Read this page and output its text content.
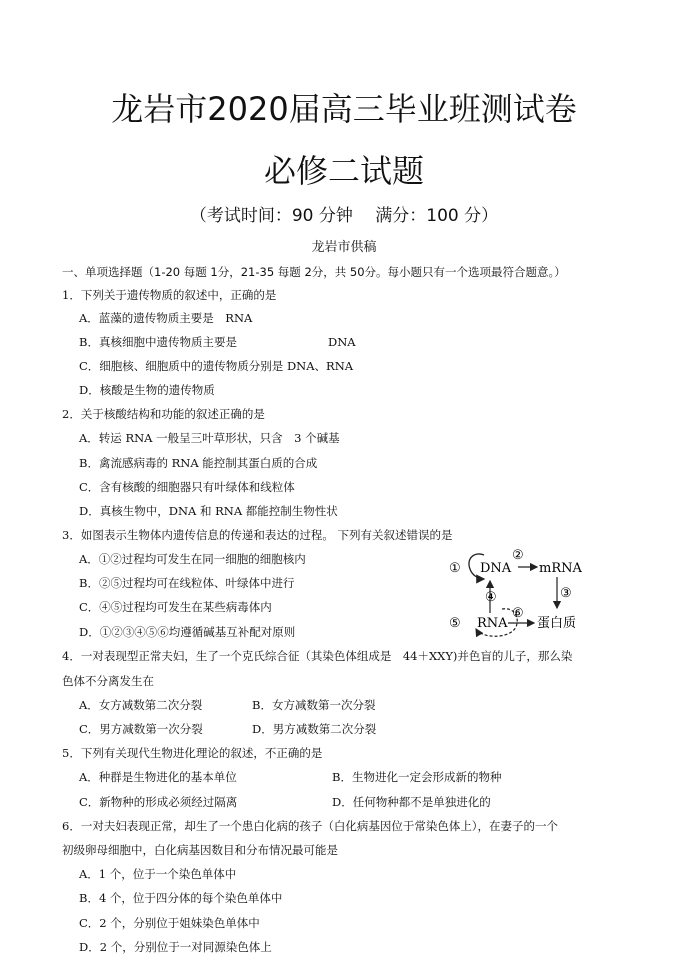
龙岩市2020届高三毕业班测试卷
必修二试题
（考试时间：90 分钟　 满分：100 分）
龙岩市供稿
一、单项选择题（1-20 每题 1分，21-35 每题 2分，共 50分。每小题只有一个选项最符合题意。）
1．下列关于遗传物质的叙述中，正确的是
A．蓝藻的遗传物质主要是　RNA
B．真核细胞中遗传物质主要是	DNA
C．细胞核、细胞质中的遗传物质分别是 DNA、RNA
D．核酸是生物的遗传物质
2．关于核酸结构和功能的叙述正确的是
A．转运 RNA 一般呈三叶草形状，只含　3 个碱基
B．禽流感病毒的 RNA 能控制其蛋白质的合成
C．含有核酸的细胞器只有叶绿体和线粒体
D．真核生物中，DNA 和 RNA 都能控制生物性状
3．如图表示生物体内遗传信息的传递和表达的过程。 下列有关叙述错误的是
A．①②过程均可发生在同一细胞的细胞核内
B．②⑤过程均可在线粒体、叶绿体中进行
C．④⑤过程均可发生在某些病毒体内
D．①②③④⑤⑥均遵循碱基互补配对原则
① DNA
②
mRNA
③
④
⑤ RNA
⑥
蛋白质
4．一对表现型正常夫妇，生了一个克氏综合征（其染色体组成是　44＋XXY)并色盲的儿子，那么染
色体不分离发生在
A．女方减数第二次分裂	B．女方减数第一次分裂
C．男方减数第一次分裂	D．男方减数第二次分裂
5．下列有关现代生物进化理论的叙述，不正确的是
A．种群是生物进化的基本单位	B．生物进化一定会形成新的物种
C．新物种的形成必须经过隔离	D．任何物种都不是单独进化的
6．一对夫妇表现正常，却生了一个患白化病的孩子（白化病基因位于常染色体上），在妻子的一个
初级卵母细胞中，白化病基因数目和分布情况最可能是
A．1 个，位于一个染色单体中
B．4 个，位于四分体的每个染色单体中
C．2 个，分别位于姐妹染色单体中
D．2 个，分别位于一对同源染色体上
